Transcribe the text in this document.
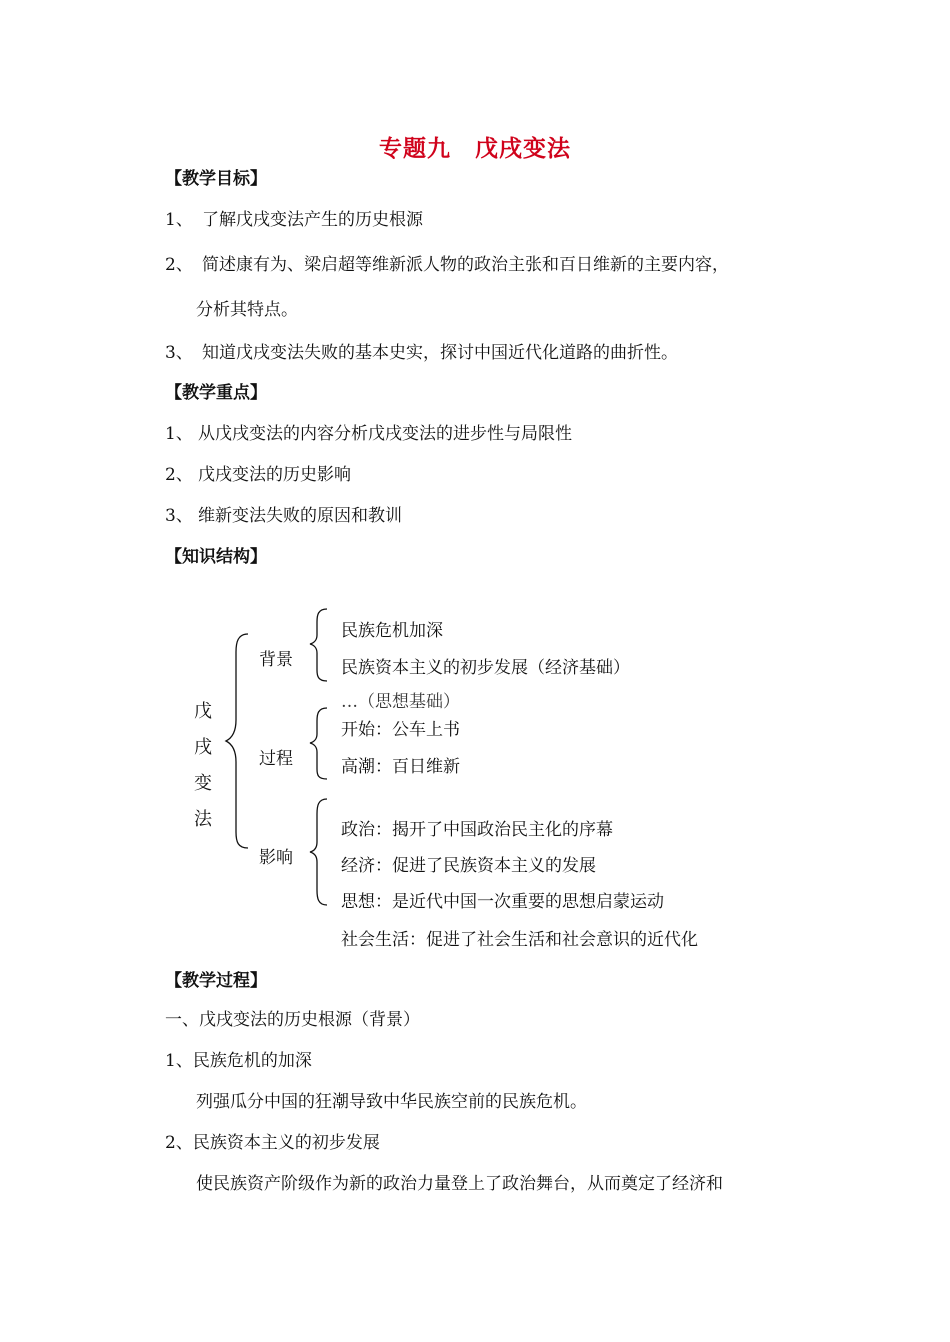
专题九　戊戌变法
【教学目标】
1、 了解戊戌变法产生的历史根源
2、 简述康有为、梁启超等维新派人物的政治主张和百日维新的主要内容，
分析其特点。
3、 知道戊戌变法失败的基本史实，探讨中国近代化道路的曲折性。
【教学重点】
1、 从戊戌变法的内容分析戊戌变法的进步性与局限性
2、 戊戌变法的历史影响
3、 维新变法失败的原因和教训
【知识结构】
戊
戌
变
法
背景
过程
影响
民族危机加深
民族资本主义的初步发展（经济基础）
…（思想基础）
开始：公车上书
高潮：百日维新
政治：揭开了中国政治民主化的序幕
经济：促进了民族资本主义的发展
思想：是近代中国一次重要的思想启蒙运动
社会生活：促进了社会生活和社会意识的近代化
【教学过程】
一、戊戌变法的历史根源（背景）
1、民族危机的加深
列强瓜分中国的狂潮导致中华民族空前的民族危机。
2、民族资本主义的初步发展
使民族资产阶级作为新的政治力量登上了政治舞台，从而奠定了经济和
